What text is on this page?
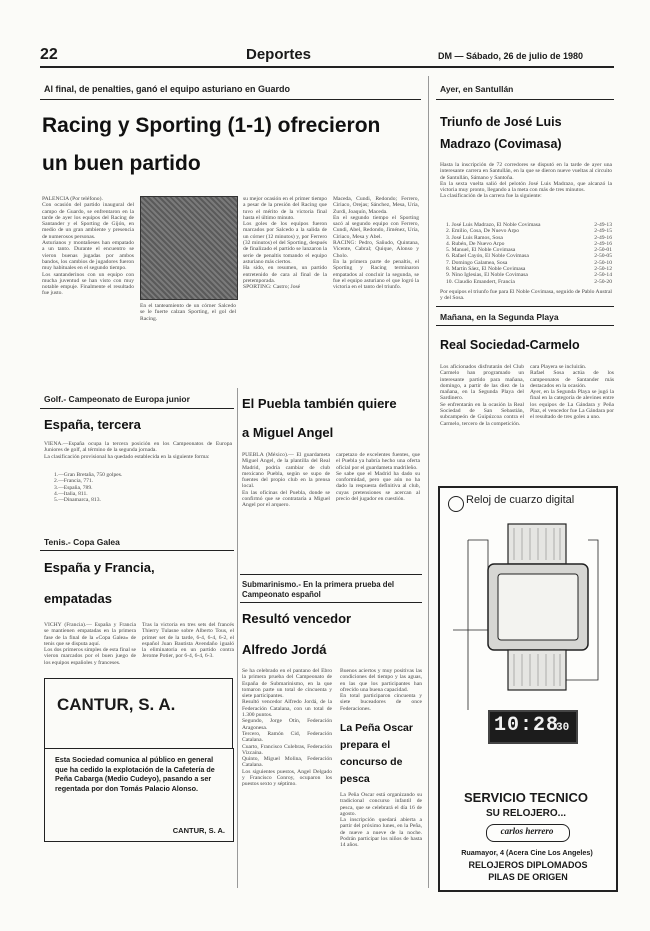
22	Deportes	DM — Sábado, 26 de julio de 1980
Al final, de penalties, ganó el equipo asturiano en Guardo
Racing y Sporting (1-1) ofrecieron
un buen partido

PALENCIA (Por teléfono).
Con ocasión del partido inaugural del campo de Guardo, se enfrentaron en la tarde de ayer los equipos del Racing de Santander y el Sporting de Gijón, en medio de un gran ambiente y presencia de numerosos personas.
Asturianos y montañeses han empatado a un tanto. Durante el encuentro se vieron buenas jugadas por ambos bandos, los cambios de jugadores fueron muy habituales en el segundo tiempo.
Los santanderinos con un equipo con mucha juventud se han visto con muy notable empuje. Finalmente el resultado fue justo.

En el tanteamiento de un córner Salcedo se le fuerte calzan Sporting, el gol del Racing.

su mejor ocasión en el primer tiempo a pesar de la presión del Racing que tuvo el mérito de la victoria final hasta el último minuto.
Los goles de los equipos fueron marcados por Salcedo a la salida de un córner (12 minutos) y, por Ferrero (32 minutos) el del Sporting, después de finalizado el partido se lanzaron la serie de penaltis tomando el equipo asturiano más ciertos.
Ha sido, en resumen, un partido entretenido de cara al final de la pretemporada.
SPORTING: Castro; José

Maceda, Cundi, Redondo; Ferrero, Ciriaco, Orejas; Sánchez, Mesa, Uría, Zurdi, Joaquín, Maceda.
En el segundo tiempo el Sporting sacó al segundo equipo con Ferrero, Cundi, Abel, Redondo, Jiménez, Uría, Ciriaco, Mesa y Abel.
RACING: Pedro, Sañudo, Quintana, Vicente, Cabral; Quique, Alonso y Cholo.
En la primera parte de penaltis, el Sporting y Racing terminaron empatados al concluir la segunda, se fue el equipo asturiano el que logró la victoria en el tanto del triunfo.

Golf.- Campeonato de Europa junior
España, tercera

VIENA.—España ocupa la tercera posición en los Campeonatos de Europa Juniores de golf, al término de la segunda jornada.
La clasificación provisional ha quedado establecida en la siguiente forma:

1.—Gran Bretaña, 750 golpes.
2.—Francia, 771.
3.—España, 789.
4.—Italia, 811.
5.—Dinamarca, 813.
Tenis.- Copa Galea
España y Francia,
empatadas

VICHY (Francia).— España y Francia se mantienen empatadas en la primera fase de la final de la «Copa Galea» de tenis que se disputa aquí.
Los dos primeros simples de esta final se vieron marcados por el buen juego de los equipos españoles y franceses.

Tras la victoria en tres sets del francés Thierry Tulasne sobre Alberto Tous, el primer set de la tarde, 6-4, 6-4, 6-2, el español Juan Bautista Avendaño igualó la eliminatoria en un partido contra Jerome Potier, por 6-4, 6-4, 6-3.

CANTUR, S. A.
Esta Sociedad comunica al público en general que ha cedido la explotación de la Cafetería de Peña Cabarga (Medio Cudeyo), pasando a ser regentada por don Tomás Palacio Alonso.
CANTUR, S. A.
El Puebla también quiere
a Miguel Angel

PUEBLA (México).— El guardameta Miguel Angel, de la plantilla del Real Madrid, podría cambiar de club mexicano Puebla, según se supo de fuentes del propio club en la prensa local.
En las oficinas del Puebla, donde se confirmó que se contrataría a Miguel Angel por el arquero.

carpetazo de excelentes fuentes, que el Puebla ya habría hecho una oferta oficial por el guardameta madrileño.
Se sabe que el Madrid ha dado su conformidad, pero que aún no ha dado la respuesta definitiva al club, cuyas pretensiones se acercan al precio del jugador en cuestión.

Submarinismo.- En la primera prueba del Campeonato español
Resultó vencedor
Alfredo Jordá

Se ha celebrado en el pantano del Ebro la primera prueba del Campeonato de España de Submarinismo, en la que tomaron parte un total de cincuenta y siete participantes.
Resultó vencedor Alfredo Jordá, de la Federación Catalana, con un total de 1.300 puntos.
Segundo, Jorge Otín, Federación Aragonesa.
Tercero, Ramón Cid, Federación Catalana.
Cuarto, Francisco Culebras, Federación Vizcaína.
Quinto, Miguel Molina, Federación Catalana.
Los siguientes puestos, Angel Delgado y Francisco Conroy, ocuparon los puestos sexto y séptimo.

Buenos aciertos y muy positivas las condiciones del tiempo y las aguas, en las que los participantes han ofrecido una buena capacidad.
En total participaron cincuenta y siete buceadores de once Federaciones.

La Peña Oscar prepara el concurso de pesca

La Peña Oscar está organizando su tradicional concurso infantil de pesca, que se celebrará el día 16 de agosto.
La inscripción quedará abierta a partir del próximo lunes, en la Peña, de nueve a nueve de la noche. Podrán participar los niños de hasta 14 años.

Ayer, en Santullán
Triunfo de José Luis Madrazo (Covimasa)

Hasta la inscripción de 72 corredores se disputó en la tarde de ayer una interesante carrera en Santullán, en la que se dieron nueve vueltas al circuito de Santullán, Sámano y Santoña.
En la sexta vuelta salió del pelotón José Luis Madrazo, que alcanzó la victoria muy pronto, llegando a la meta con más de tres minutos.
La clasificación de la carrera fue la siguiente:

1. José Luis Madrazo, El Noble Covimasa	2-49-13
2. Emilio, Cosa, De Nuevo Arpo	2-49-15
3. José Luis Ramos, Sosa	2-49-16
4. Rubén, De Nuevo Arpo	2-49-16
5. Manuel, El Noble Covimasa	2-50-01
6. Rafael Cayón, El Noble Covimasa	2-50-05
7. Domingo Galamea, Sosa	2-50-10
8. Martín Sáez, El Noble Covimasa	2-50-12
9. Nino Iglesias, El Noble Covimasa	2-50-14
10. Claudio Emandert, Francia	2-50-20

Por equipos el triunfo fue para El Noble Covimasa, seguido de Pablo Austral y del Sosa.

Mañana, en la Segunda Playa
Real Sociedad-Carmelo

Los aficionados disfrutarán del Club Carmelo han programado un interesante partido para mañana, domingo, a partir de las diez de la mañana, en la Segunda Playa del Sardinero.
Se enfrentarán en la ocasión la Real Sociedad de San Sebastián, subcampeón de Guipúzcoa contra el Carmelo, tercero de la competición.

cara Playera se incluirán.
Rafael Sosa actúa de los campeonatos de Santander más destacados en la ocasión.
Ayer, en la Segunda Playa se jugó la final en la categoría de alevines entre los equipos de La Gándara y Peña Plaz, el vencedor fue La Gándara por el resultado de tres goles a uno.

Reloj de cuarzo digital
10:28
30
SERVICIO TECNICO
SU RELOJERO...
carlos herrero
Ruamayor, 4 (Acera Cine Los Angeles)
RELOJEROS DIPLOMADOS
PILAS DE ORIGEN
